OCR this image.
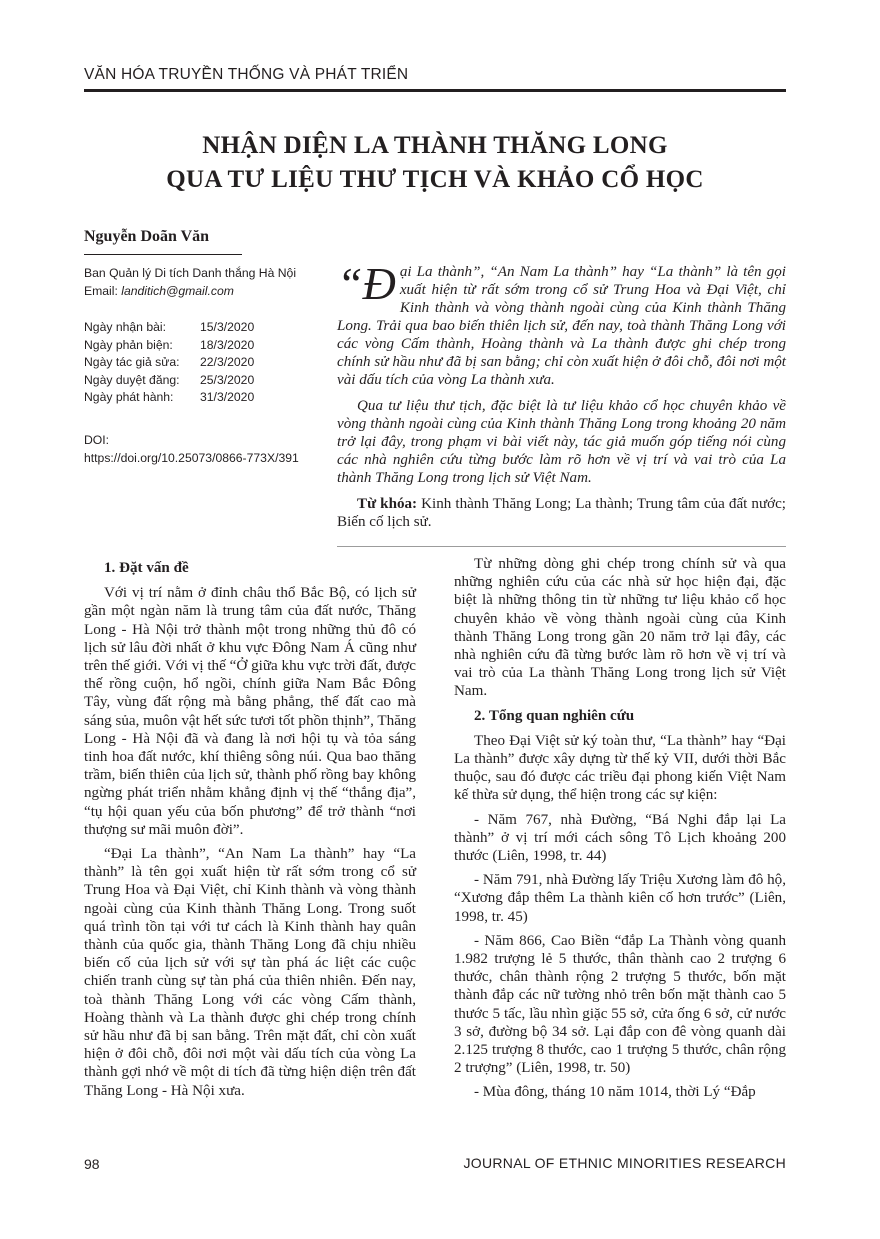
VĂN HÓA TRUYỀN THỐNG VÀ PHÁT TRIỂN
NHẬN DIỆN LA THÀNH THĂNG LONG
QUA TƯ LIỆU THƯ TỊCH VÀ KHẢO CỔ HỌC
Nguyễn Doãn Văn
Ban Quản lý Di tích Danh thắng Hà Nội
Email: landitich@gmail.com
Ngày nhận bài:	15/3/2020
Ngày phản biện: 18/3/2020
Ngày tác giả sửa: 22/3/2020
Ngày duyệt đăng: 25/3/2020
Ngày phát hành: 31/3/2020
DOI:
https://doi.org/10.25073/0866-773X/391

“Đại La thành”, “An Nam La thành” hay “La thành” là tên gọi xuất hiện từ rất sớm trong cổ sử Trung Hoa và Đại Việt, chỉ Kinh thành và vòng thành ngoài cùng của Kinh thành Thăng Long. Trải qua bao biến thiên lịch sử, đến nay, toà thành Thăng Long với các vòng Cấm thành, Hoàng thành và La thành được ghi chép trong chính sử hầu như đã bị san bằng; chỉ còn xuất hiện ở đôi chỗ, đôi nơi một vài dấu tích của vòng La thành xưa.

Qua tư liệu thư tịch, đặc biệt là tư liệu khảo cổ học chuyên khảo về vòng thành ngoài cùng của Kinh thành Thăng Long trong khoảng 20 năm trở lại đây, trong phạm vi bài viết này, tác giả muốn góp tiếng nói cùng các nhà nghiên cứu từng bước làm rõ hơn về vị trí và vai trò của La thành Thăng Long trong lịch sử Việt Nam.

Từ khóa: Kinh thành Thăng Long; La thành; Trung tâm của đất nước; Biến cố lịch sử.

1. Đặt vấn đề

Với vị trí nằm ở đỉnh châu thổ Bắc Bộ, có lịch sử gần một ngàn năm là trung tâm của đất nước, Thăng Long - Hà Nội trở thành một trong những thủ đô có lịch sử lâu đời nhất ở khu vực Đông Nam Á cũng như trên thế giới. Với vị thế “Ở giữa khu vực trời đất, được thế rồng cuộn, hổ ngồi, chính giữa Nam Bắc Đông Tây, vùng đất rộng mà bằng phẳng, thế đất cao mà sáng sủa, muôn vật hết sức tươi tốt phồn thịnh”, Thăng Long - Hà Nội đã và đang là nơi hội tụ và tỏa sáng tinh hoa đất nước, khí thiêng sông núi. Qua bao thăng trầm, biến thiên của lịch sử, thành phố rồng bay không ngừng phát triển nhằm khẳng định vị thế “thắng địa”, “tụ hội quan yếu của bốn phương” để trở thành “nơi thượng sư mãi muôn đời”.

“Đại La thành”, “An Nam La thành” hay “La thành” là tên gọi xuất hiện từ rất sớm trong cổ sử Trung Hoa và Đại Việt, chỉ Kinh thành và vòng thành ngoài cùng của Kinh thành Thăng Long. Trong suốt quá trình tồn tại với tư cách là Kinh thành hay quân thành của quốc gia, thành Thăng Long đã chịu nhiều biến cố của lịch sử với sự tàn phá ác liệt các cuộc chiến tranh cùng sự tàn phá của thiên nhiên. Đến nay, toà thành Thăng Long với các vòng Cấm thành, Hoàng thành và La thành được ghi chép trong chính sử hầu như đã bị san bằng. Trên mặt đất, chỉ còn xuất hiện ở đôi chỗ, đôi nơi một vài dấu tích của vòng La thành gợi nhớ về một di tích đã từng hiện diện trên đất Thăng Long - Hà Nội xưa.

Từ những dòng ghi chép trong chính sử và qua những nghiên cứu của các nhà sử học hiện đại, đặc biệt là những thông tin từ những tư liệu khảo cổ học chuyên khảo về vòng thành ngoài cùng của Kinh thành Thăng Long trong gần 20 năm trở lại đây, các nhà nghiên cứu đã từng bước làm rõ hơn về vị trí và vai trò của La thành Thăng Long trong lịch sử Việt Nam.

2. Tổng quan nghiên cứu

Theo Đại Việt sử ký toàn thư, “La thành” hay “Đại La thành” được xây dựng từ thế kỷ VII, dưới thời Bắc thuộc, sau đó được các triều đại phong kiến Việt Nam kế thừa sử dụng, thể hiện trong các sự kiện:

- Năm 767, nhà Đường, “Bá Nghi đắp lại La thành” ở vị trí mới cách sông Tô Lịch khoảng 200 thước (Liên, 1998, tr. 44)

- Năm 791, nhà Đường lấy Triệu Xương làm đô hộ, “Xương đắp thêm La thành kiên cố hơn trước” (Liên, 1998, tr. 45)

- Năm 866, Cao Biền “đắp La Thành vòng quanh 1.982 trượng lẻ 5 thước, thân thành cao 2 trượng 6 thước, chân thành rộng 2 trượng 5 thước, bốn mặt thành đắp các nữ tường nhỏ trên bốn mặt thành cao 5 thước 5 tấc, lầu nhìn giặc 55 sở, cửa ống 6 sở, cử nước 3 sở, đường bộ 34 sở. Lại đắp con đê vòng quanh dài 2.125 trượng 8 thước, cao 1 trượng 5 thước, chân rộng 2 trượng” (Liên, 1998, tr. 50)

- Mùa đông, tháng 10 năm 1014, thời Lý “Đắp

98	JOURNAL OF ETHNIC MINORITIES RESEARCH
